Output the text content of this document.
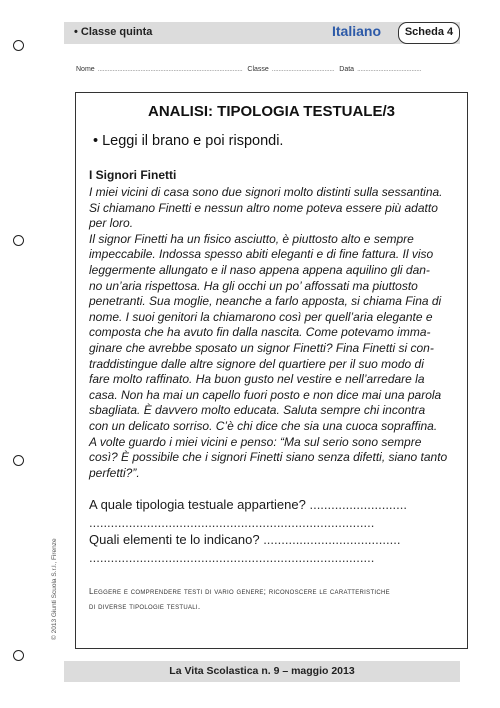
• Classe quinta	Italiano	Scheda 4
Nome ........................................................................................ Classe ...................................... Data .......................................
© 2013 Giunti Scuola S.r.l., Firenze
ANALISI: TIPOLOGIA TESTUALE/3
• Leggi il brano e poi rispondi.
I Signori Finetti
I miei vicini di casa sono due signori molto distinti sulla sessantina.
Si chiamano Finetti e nessun altro nome poteva essere più adatto
per loro.
Il signor Finetti ha un fisico asciutto, è piuttosto alto e sempre
impeccabile. Indossa spesso abiti eleganti e di fine fattura. Il viso
leggermente allungato e il naso appena appena aquilino gli dan-
no un’aria rispettosa. Ha gli occhi un po’ affossati ma piuttosto
penetranti. Sua moglie, neanche a farlo apposta, si chiama Fina di
nome. I suoi genitori la chiamarono così per quell’aria elegante e
composta che ha avuto fin dalla nascita. Come potevamo imma-
ginare che avrebbe sposato un signor Finetti? Fina Finetti si con-
traddistingue dalle altre signore del quartiere per il suo modo di
fare molto raffinato. Ha buon gusto nel vestire e nell’arredare la
casa. Non ha mai un capello fuori posto e non dice mai una parola
sbagliata. È davvero molto educata. Saluta sempre chi incontra
con un delicato sorriso. C’è chi dice che sia una cuoca sopraffina.
A volte guardo i miei vicini e penso: “Ma sul serio sono sempre
così? È possibile che i signori Finetti siano senza difetti, siano tanto
perfetti?”.
A quale tipologia testuale appartiene? ...........................
...............................................................................
Quali elementi te lo indicano? ......................................
...............................................................................
Leggere e comprendere testi di vario genere; riconoscere le caratteristiche
di diverse tipologie testuali.
La Vita Scolastica n. 9 – maggio 2013
